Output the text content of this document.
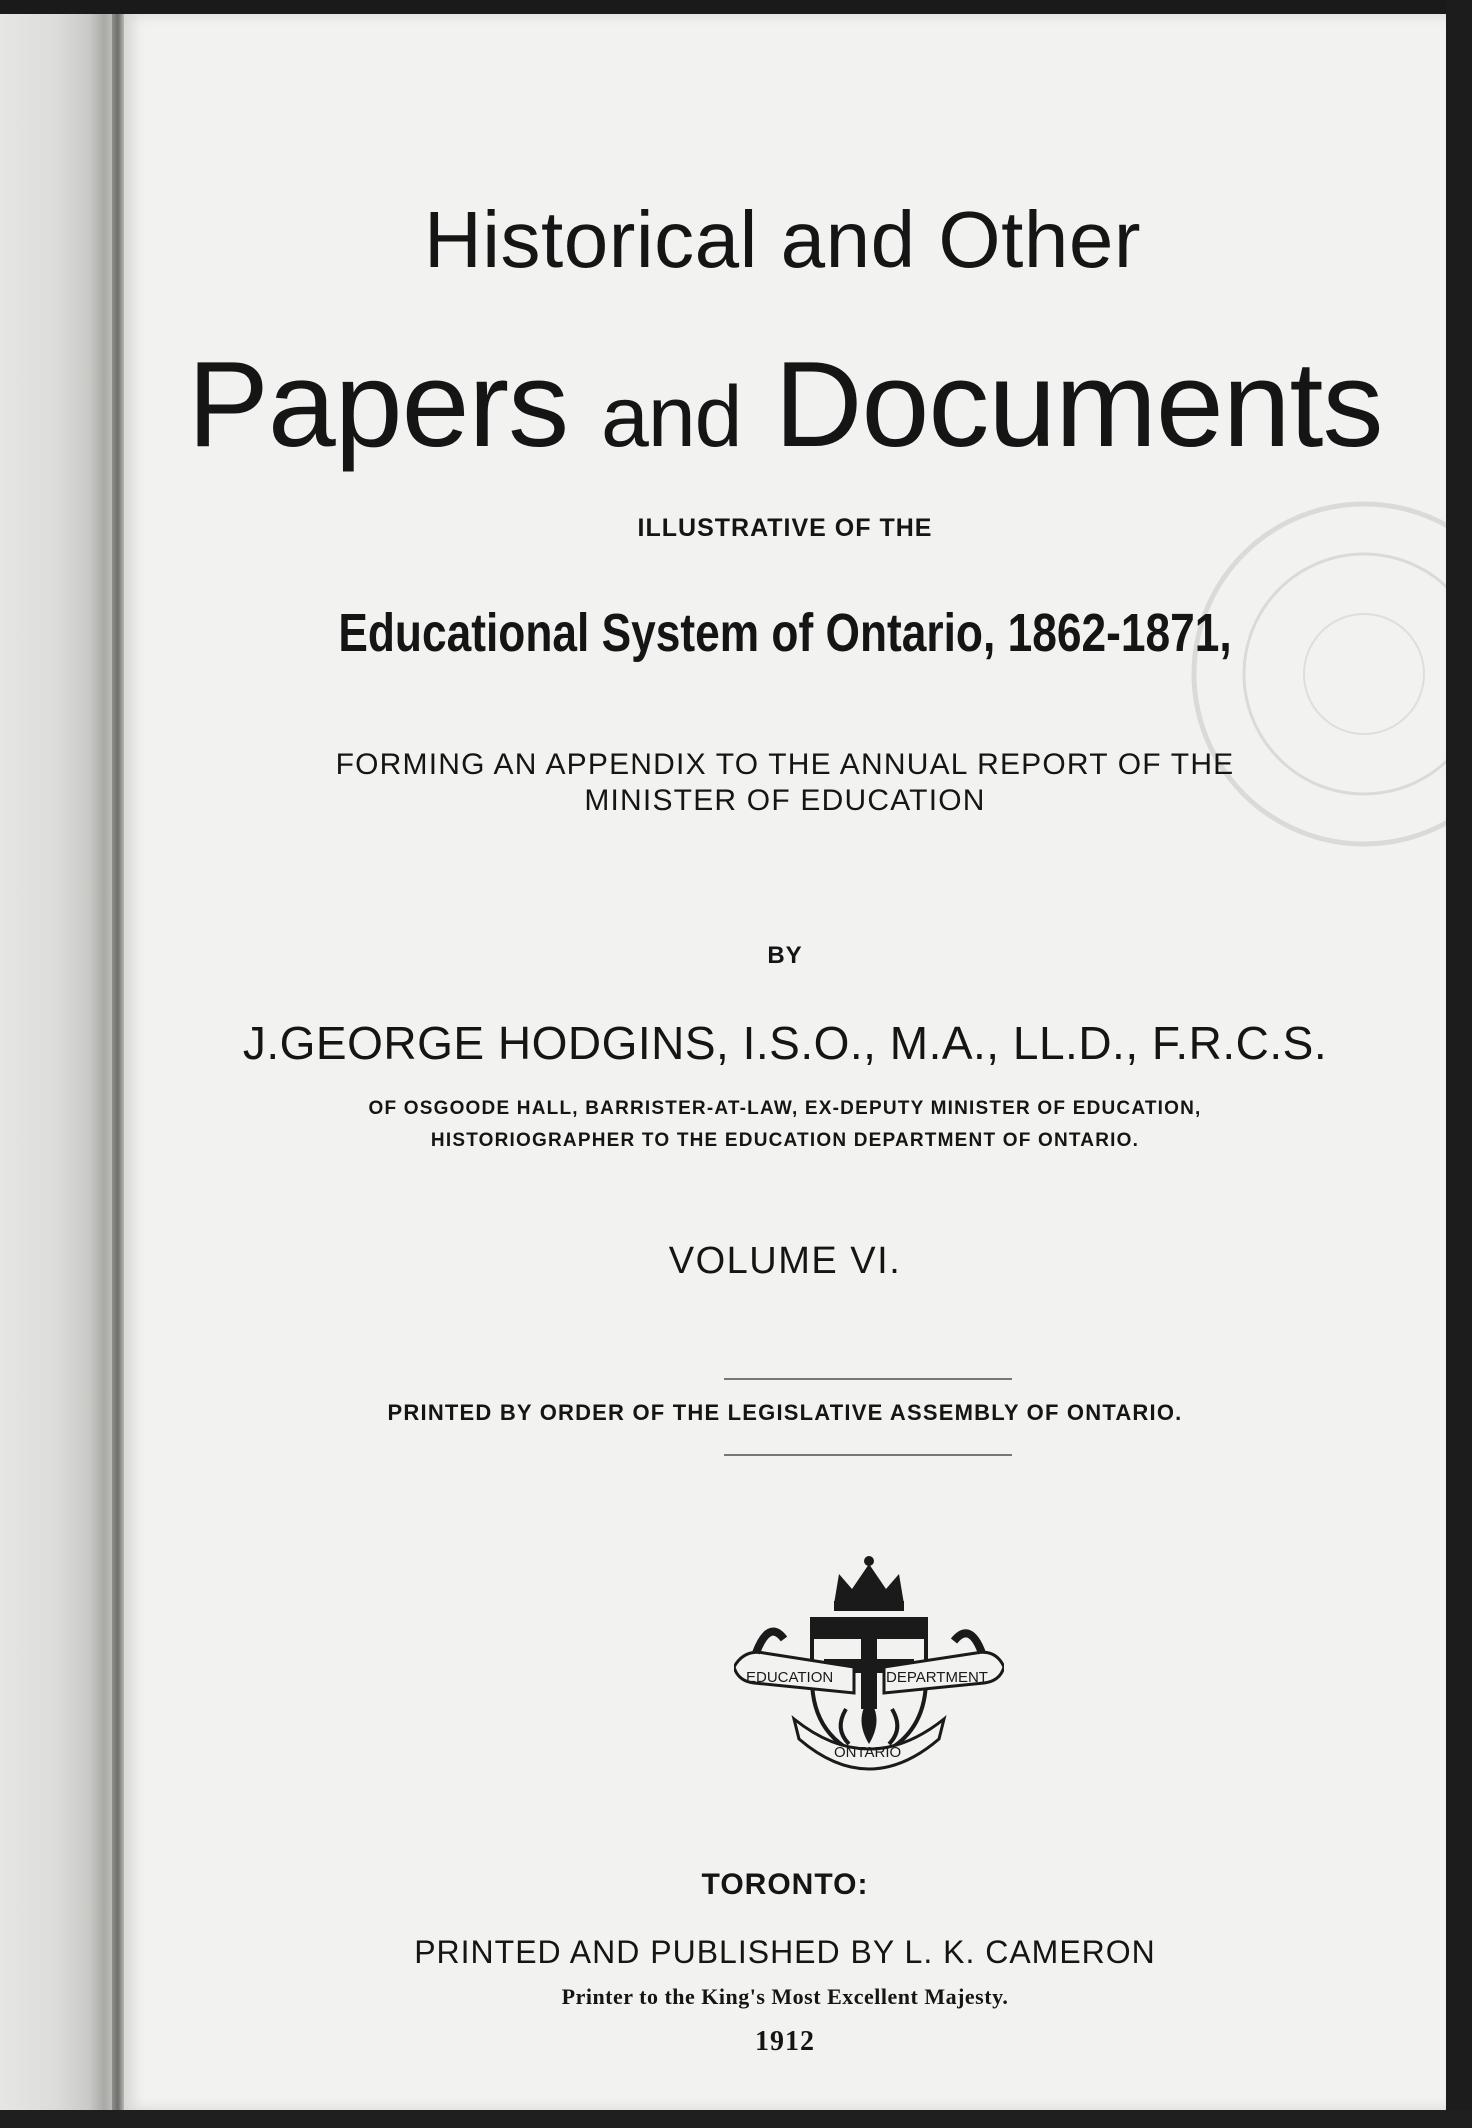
Historical and Other
Papers and Documents
ILLUSTRATIVE OF THE
Educational System of Ontario, 1862-1871,
FORMING AN APPENDIX TO THE ANNUAL REPORT OF THE
MINISTER OF EDUCATION
BY
J.GEORGE HODGINS, I.S.O., M.A., LL.D., F.R.C.S.
OF OSGOODE HALL, BARRISTER-AT-LAW, EX-DEPUTY MINISTER OF EDUCATION,
HISTORIOGRAPHER TO THE EDUCATION DEPARTMENT OF ONTARIO.
VOLUME VI.
PRINTED BY ORDER OF THE LEGISLATIVE ASSEMBLY OF ONTARIO.
EDUCATION	DEPARTMENT
ONTARIO
TORONTO:
PRINTED AND PUBLISHED BY L. K. CAMERON
Printer to the King's Most Excellent Majesty.
1912
